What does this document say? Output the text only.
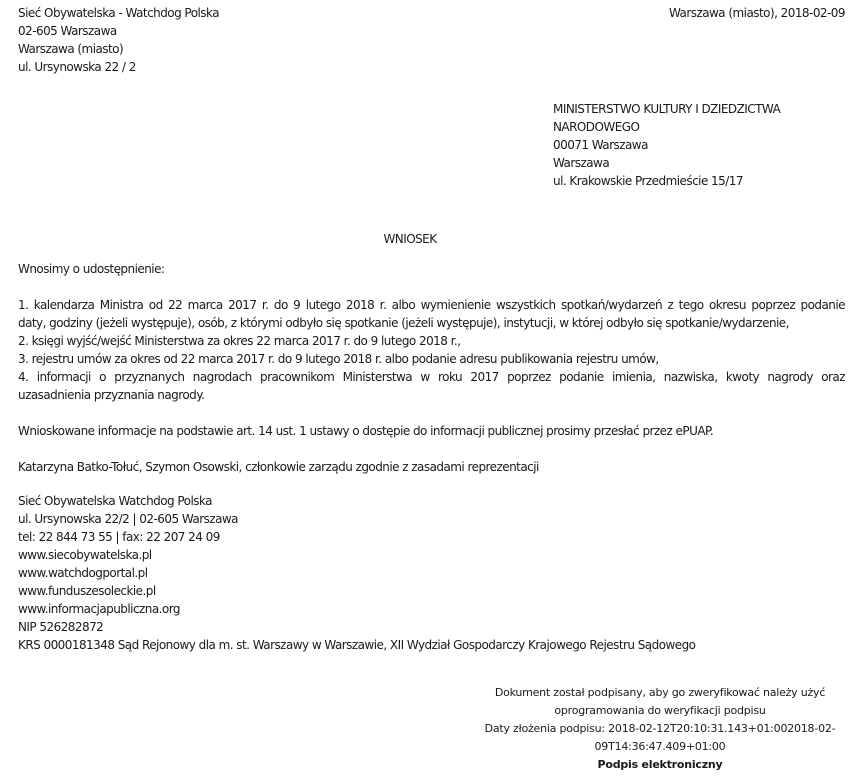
Sieć Obywatelska - Watchdog Polska
02-605 Warszawa
Warszawa (miasto)
ul. Ursynowska 22 / 2
Warszawa (miasto), 2018-02-09
MINISTERSTWO KULTURY I DZIEDZICTWA NARODOWEGO
00071 Warszawa
Warszawa
ul. Krakowskie Przedmieście 15/17
WNIOSEK
Wnosimy o udostępnienie:
1. kalendarza Ministra od 22 marca 2017 r. do 9 lutego 2018 r. albo wymienienie wszystkich spotkań/wydarzeń z tego okresu poprzez podanie
daty, godziny (jeżeli występuje), osób, z którymi odbyło się spotkanie (jeżeli występuje), instytucji, w której odbyło się spotkanie/wydarzenie,
2. księgi wyjść/wejść Ministerstwa za okres 22 marca 2017 r. do 9 lutego 2018 r.,
3. rejestru umów za okres od 22 marca 2017 r. do 9 lutego 2018 r. albo podanie adresu publikowania rejestru umów,
4. informacji o przyznanych nagrodach pracownikom Ministerstwa w roku 2017 poprzez podanie imienia, nazwiska, kwoty nagrody oraz
uzasadnienia przyznania nagrody.
Wnioskowane informacje na podstawie art. 14 ust. 1 ustawy o dostępie do informacji publicznej prosimy przesłać przez ePUAP.
Katarzyna Batko-Tołuć, Szymon Osowski, członkowie zarządu zgodnie z zasadami reprezentacji
Sieć Obywatelska Watchdog Polska
ul. Ursynowska 22/2 | 02-605 Warszawa
tel: 22 844 73 55 | fax: 22 207 24 09
www.siecobywatelska.pl
www.watchdogportal.pl
www.funduszesoleckie.pl
www.informacjapubliczna.org
NIP 526282872
KRS 0000181348 Sąd Rejonowy dla m. st. Warszawy w Warszawie, XII Wydział Gospodarczy Krajowego Rejestru Sądowego
Dokument został podpisany, aby go zweryfikować należy użyć oprogramowania do weryfikacji podpisu
Daty złożenia podpisu: 2018-02-12T20:10:31.143+01:002018-02-09T14:36:47.409+01:00
Podpis elektroniczny
